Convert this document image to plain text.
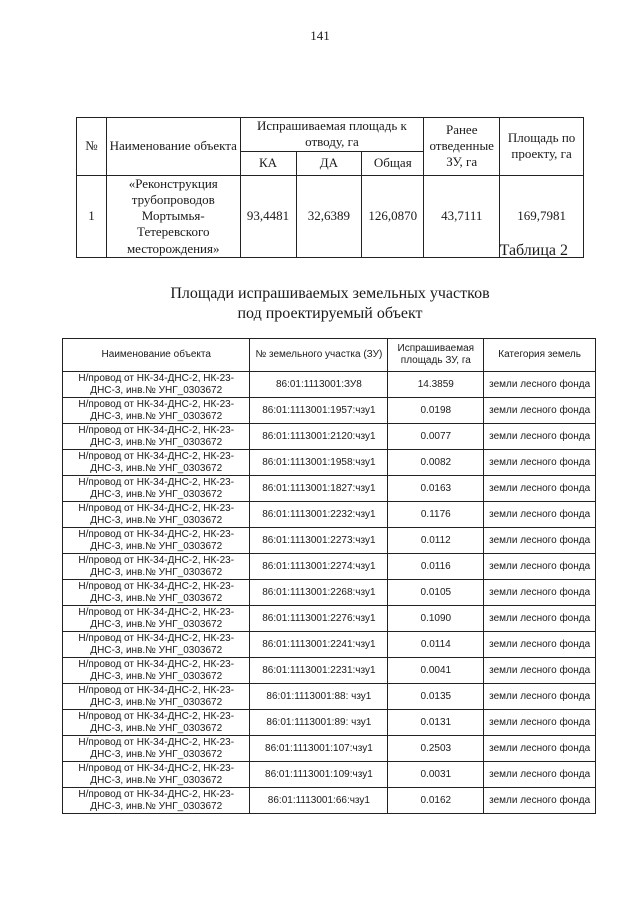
141
№	Наименование объекта	Испрашиваемая площадь к отводу, га			Ранее отведенные ЗУ, га	Площадь по проекту, га
		КА	ДА	Общая		
1	«Реконструкция трубопроводов Мортымья-Тетеревского месторождения»	93,4481	32,6389	126,0870	43,7111	169,7981
Таблица 2
Площади испрашиваемых земельных участков
под проектируемый объект
Наименование объекта	№ земельного участка (ЗУ)	Испрашиваемая площадь ЗУ, га	Категория земель
Н/провод от НК-34-ДНС-2, НК-23-ДНС-3, инв.№ УНГ_0303672	86:01:1113001:ЗУ8	14.3859	земли лесного фонда
Н/провод от НК-34-ДНС-2, НК-23-ДНС-3, инв.№ УНГ_0303672	86:01:1113001:1957:чзу1	0.0198	земли лесного фонда
Н/провод от НК-34-ДНС-2, НК-23-ДНС-3, инв.№ УНГ_0303672	86:01:1113001:2120:чзу1	0.0077	земли лесного фонда
Н/провод от НК-34-ДНС-2, НК-23-ДНС-3, инв.№ УНГ_0303672	86:01:1113001:1958:чзу1	0.0082	земли лесного фонда
Н/провод от НК-34-ДНС-2, НК-23-ДНС-3, инв.№ УНГ_0303672	86:01:1113001:1827:чзу1	0.0163	земли лесного фонда
Н/провод от НК-34-ДНС-2, НК-23-ДНС-3, инв.№ УНГ_0303672	86:01:1113001:2232:чзу1	0.1176	земли лесного фонда
Н/провод от НК-34-ДНС-2, НК-23-ДНС-3, инв.№ УНГ_0303672	86:01:1113001:2273:чзу1	0.0112	земли лесного фонда
Н/провод от НК-34-ДНС-2, НК-23-ДНС-3, инв.№ УНГ_0303672	86:01:1113001:2274:чзу1	0.0116	земли лесного фонда
Н/провод от НК-34-ДНС-2, НК-23-ДНС-3, инв.№ УНГ_0303672	86:01:1113001:2268:чзу1	0.0105	земли лесного фонда
Н/провод от НК-34-ДНС-2, НК-23-ДНС-3, инв.№ УНГ_0303672	86:01:1113001:2276:чзу1	0.1090	земли лесного фонда
Н/провод от НК-34-ДНС-2, НК-23-ДНС-3, инв.№ УНГ_0303672	86:01:1113001:2241:чзу1	0.0114	земли лесного фонда
Н/провод от НК-34-ДНС-2, НК-23-ДНС-3, инв.№ УНГ_0303672	86:01:1113001:2231:чзу1	0.0041	земли лесного фонда
Н/провод от НК-34-ДНС-2, НК-23-ДНС-3, инв.№ УНГ_0303672	86:01:1113001:88: чзу1	0.0135	земли лесного фонда
Н/провод от НК-34-ДНС-2, НК-23-ДНС-3, инв.№ УНГ_0303672	86:01:1113001:89: чзу1	0.0131	земли лесного фонда
Н/провод от НК-34-ДНС-2, НК-23-ДНС-3, инв.№ УНГ_0303672	86:01:1113001:107:чзу1	0.2503	земли лесного фонда
Н/провод от НК-34-ДНС-2, НК-23-ДНС-3, инв.№ УНГ_0303672	86:01:1113001:109:чзу1	0.0031	земли лесного фонда
Н/провод от НК-34-ДНС-2, НК-23-ДНС-3, инв.№ УНГ_0303672	86:01:1113001:66:чзу1	0.0162	земли лесного фонда
